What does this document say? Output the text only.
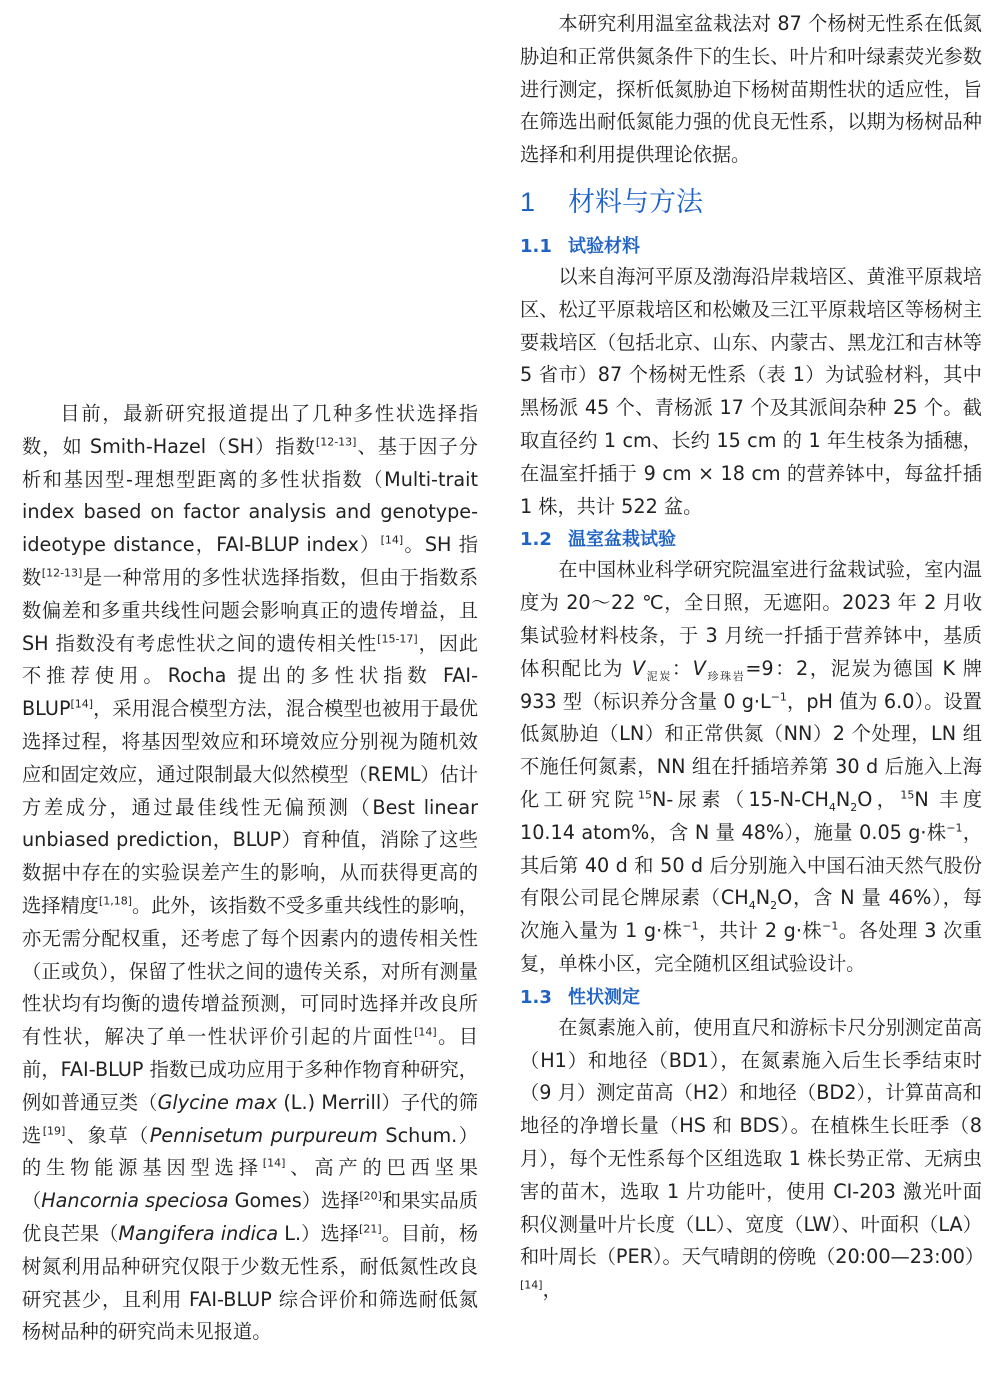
目前，最新研究报道提出了几种多性状选择指数，如 Smith-Hazel（SH）指数[12-13]、基于因子分析和基因型-理想型距离的多性状指数（Multi-trait index based on factor analysis and genotype-ideotype distance，FAI-BLUP index）[14]。SH 指数[12-13]是一种常用的多性状选择指数，但由于指数系数偏差和多重共线性问题会影响真正的遗传增益，且 SH 指数没有考虑性状之间的遗传相关性[15-17]，因此不推荐使用。Rocha 提出的多性状指数 FAI-BLUP[14]，采用混合模型方法，混合模型也被用于最优选择过程，将基因型效应和环境效应分别视为随机效应和固定效应，通过限制最大似然模型（REML）估计方差成分，通过最佳线性无偏预测（Best linear unbiased prediction，BLUP）育种值，消除了这些数据中存在的实验误差产生的影响，从而获得更高的选择精度[1,18]。此外，该指数不受多重共线性的影响，亦无需分配权重，还考虑了每个因素内的遗传相关性（正或负），保留了性状之间的遗传关系，对所有测量性状均有均衡的遗传增益预测，可同时选择并改良所有性状，解决了单一性状评价引起的片面性[14]。目前，FAI-BLUP 指数已成功应用于多种作物育种研究，例如普通豆类（Glycine max (L.) Merrill）子代的筛选[19]、象草（Pennisetum purpureum Schum.）的生物能源基因型选择[14]、高产的巴西坚果（Hancornia speciosa Gomes）选择[20]和果实品质优良芒果（Mangifera indica L.）选择[21]。目前，杨树氮利用品种研究仅限于少数无性系，耐低氮性改良研究甚少，且利用 FAI-BLUP 综合评价和筛选耐低氮杨树品种的研究尚未见报道。

本研究利用温室盆栽法对 87 个杨树无性系在低氮胁迫和正常供氮条件下的生长、叶片和叶绿素荧光参数进行测定，探析低氮胁迫下杨树苗期性状的适应性，旨在筛选出耐低氮能力强的优良无性系，以期为杨树品种选择和利用提供理论依据。

1 材料与方法
1.1 试验材料

以来自海河平原及渤海沿岸栽培区、黄淮平原栽培区、松辽平原栽培区和松嫩及三江平原栽培区等杨树主要栽培区（包括北京、山东、内蒙古、黑龙江和吉林等 5 省市）87 个杨树无性系（表 1）为试验材料，其中黑杨派 45 个、青杨派 17 个及其派间杂种 25 个。截取直径约 1 cm、长约 15 cm 的 1 年生枝条为插穗，在温室扦插于 9 cm × 18 cm 的营养钵中，每盆扦插 1 株，共计 522 盆。

1.2 温室盆栽试验

在中国林业科学研究院温室进行盆栽试验，室内温度为 20～22 ℃，全日照，无遮阳。2023 年 2 月收集试验材料枝条，于 3 月统一扦插于营养钵中，基质体积配比为 $V_{泥炭}$：$V_{珍珠岩}=9$：2，泥炭为德国 K 牌 933 型（标识养分含量 0 $g\cdot L^{-1}$，pH 值为 6.0）。设置低氮胁迫（LN）和正常供氮（NN）2 个处理，LN 组不施任何氮素，NN 组在扦插培养第 30 d 后施入上海化工研究院$^{15}$N-尿素（$15-N-CH_4N_2O$，$^{15}$N 丰度 10.14 atom%，含 N 量 48%），施量 0.05 g·株$^{-1}$，其后第 40 d 和 50 d 后分别施入中国石油天然气股份有限公司昆仑牌尿素（$CH_4N_2O$，含 N 量 46%），每次施入量为 1 g·株$^{-1}$，共计 2 g·株$^{-1}$。各处理 3 次重复，单株小区，完全随机区组试验设计。

1.3 性状测定

在氮素施入前，使用直尺和游标卡尺分别测定苗高（H1）和地径（BD1），在氮素施入后生长季结束时（9 月）测定苗高（H2）和地径（BD2），计算苗高和地径的净增长量（HS 和 BDS）。在植株生长旺季（8 月），每个无性系每个区组选取 1 株长势正常、无病虫害的苗木，选取 1 片功能叶，使用 CI-203 激光叶面积仪测量叶片长度（LL）、宽度（LW）、叶面积（LA）和叶周长（PER）。天气晴朗的傍晚（20:00—23:00）[14]，
